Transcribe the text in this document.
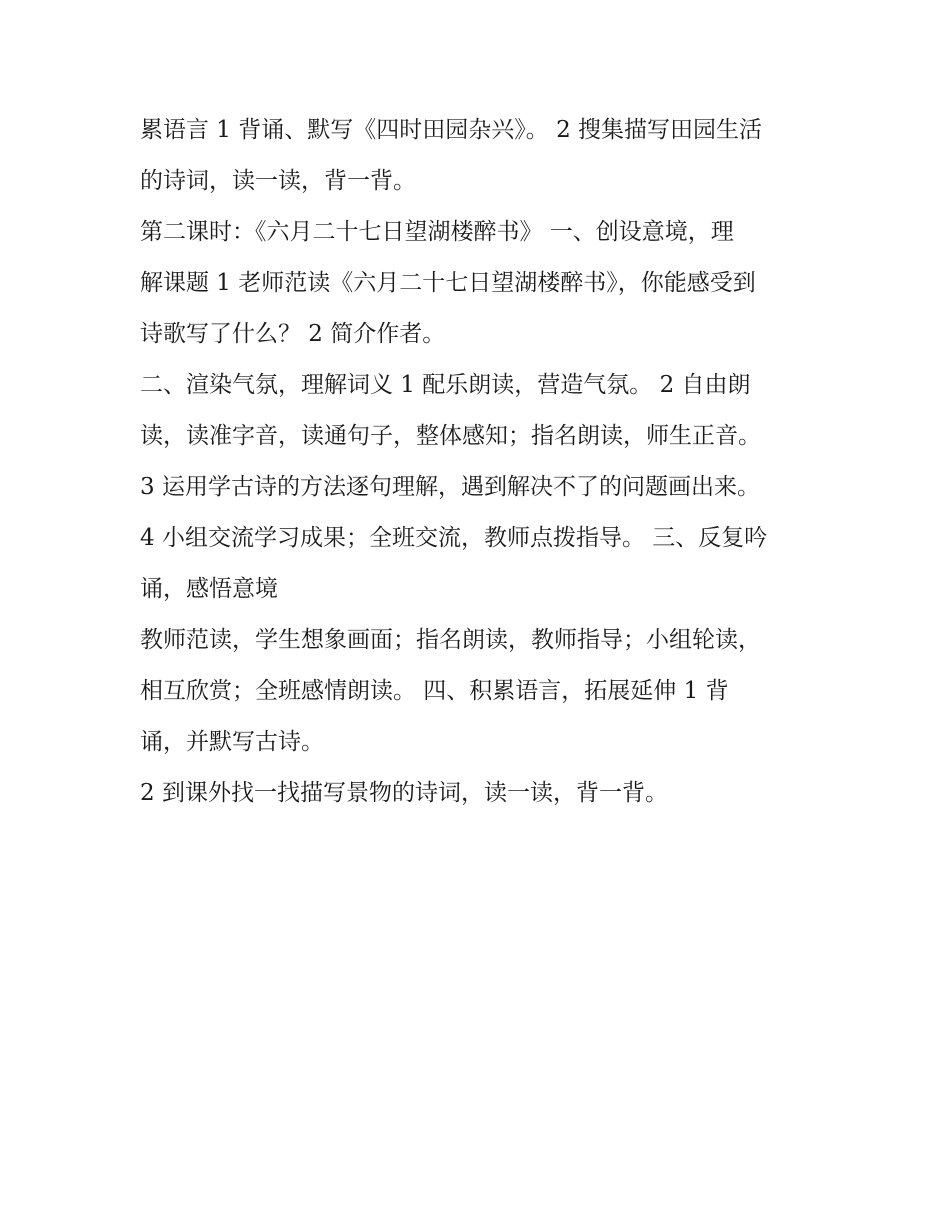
累语言 1 背诵、默写《四时田园杂兴》。 2 搜集描写田园生活
的诗词，读一读，背一背。
第二课时：《六月二十七日望湖楼醉书》 一、创设意境，理
解课题 1 老师范读《六月二十七日望湖楼醉书》，你能感受到
诗歌写了什么？ 2 简介作者。
二、渲染气氛，理解词义 1 配乐朗读，营造气氛。 2 自由朗
读，读准字音，读通句子，整体感知；指名朗读，师生正音。
3 运用学古诗的方法逐句理解，遇到解决不了的问题画出来。
4 小组交流学习成果；全班交流，教师点拨指导。 三、反复吟
诵，感悟意境
教师范读，学生想象画面；指名朗读，教师指导；小组轮读，
相互欣赏；全班感情朗读。 四、积累语言，拓展延伸 1 背
诵，并默写古诗。
2 到课外找一找描写景物的诗词，读一读，背一背。
